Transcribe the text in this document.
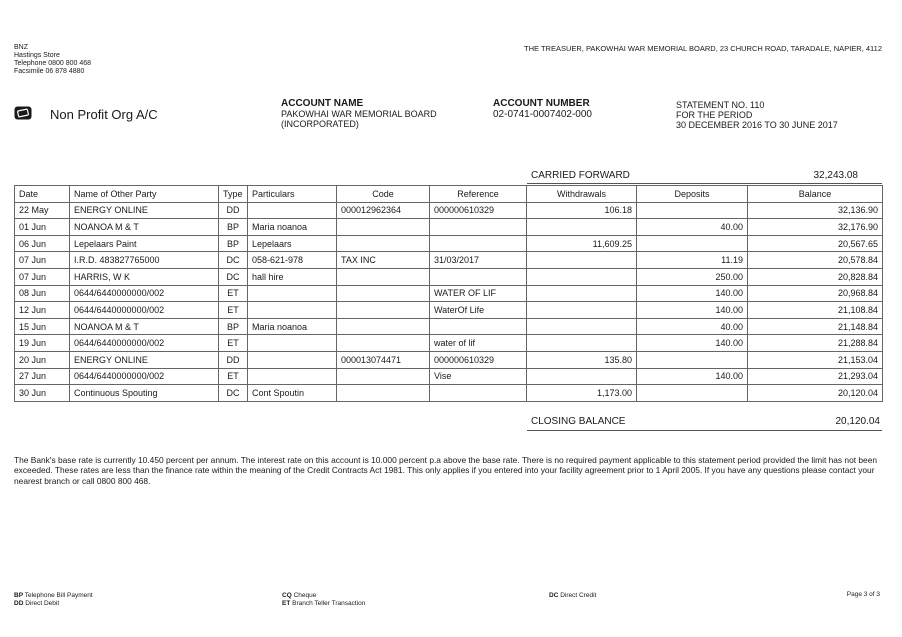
BNZ
Hastings Store
Telephone 0800 800 468
Facsimile 06 878 4880
THE TREASUER, PAKOWHAI WAR MEMORIAL BOARD, 23 CHURCH ROAD, TARADALE, NAPIER, 4112
Non Profit Org A/C
ACCOUNT NAME
PAKOWHAI WAR MEMORIAL BOARD
(INCORPORATED)
ACCOUNT NUMBER
02-0741-0007402-000
STATEMENT NO. 110
FOR THE PERIOD
30 DECEMBER 2016 TO 30 JUNE 2017
CARRIED FORWARD	32,243.08
Date	Name of Other Party	Type	Particulars	Code	Reference	Withdrawals	Deposits	Balance
22 May	ENERGY ONLINE	DD		000012962364	000000610329	106.18		32,136.90
01 Jun	NOANOA M & T	BP	Maria noanoa				40.00	32,176.90
06 Jun	Lepelaars Paint	BP	Lepelaars			11,609.25		20,567.65
07 Jun	I.R.D. 483827765000	DC	058-621-978	TAX INC	31/03/2017		11.19	20,578.84
07 Jun	HARRIS, W K	DC	hall hire				250.00	20,828.84
08 Jun	0644/6440000000/002	ET			WATER OF LIF		140.00	20,968.84
12 Jun	0644/6440000000/002	ET			WaterOf Life		140.00	21,108.84
15 Jun	NOANOA M & T	BP	Maria noanoa				40.00	21,148.84
19 Jun	0644/6440000000/002	ET			water of lif		140.00	21,288.84
20 Jun	ENERGY ONLINE	DD		000013074471	000000610329	135.80		21,153.04
27 Jun	0644/6440000000/002	ET			Vise		140.00	21,293.04
30 Jun	Continuous Spouting	DC	Cont Spoutin			1,173.00		20,120.04
CLOSING BALANCE	20,120.04
The Bank's base rate is currently 10.450 percent per annum. The interest rate on this account is 10.000 percent p.a above the base rate. There is no required payment applicable to this statement period provided the limit has not been exceeded. These rates are less than the finance rate within the meaning of the Credit Contracts Act 1981. This only applies if you entered into your facility agreement prior to 1 April 2005. If you have any questions please contact your nearest branch or call 0800 800 468.
BP Telephone Bill Payment
DD Direct Debit
CQ Cheque
ET Branch Teller Transaction
DC Direct Credit	Page 3 of 3
